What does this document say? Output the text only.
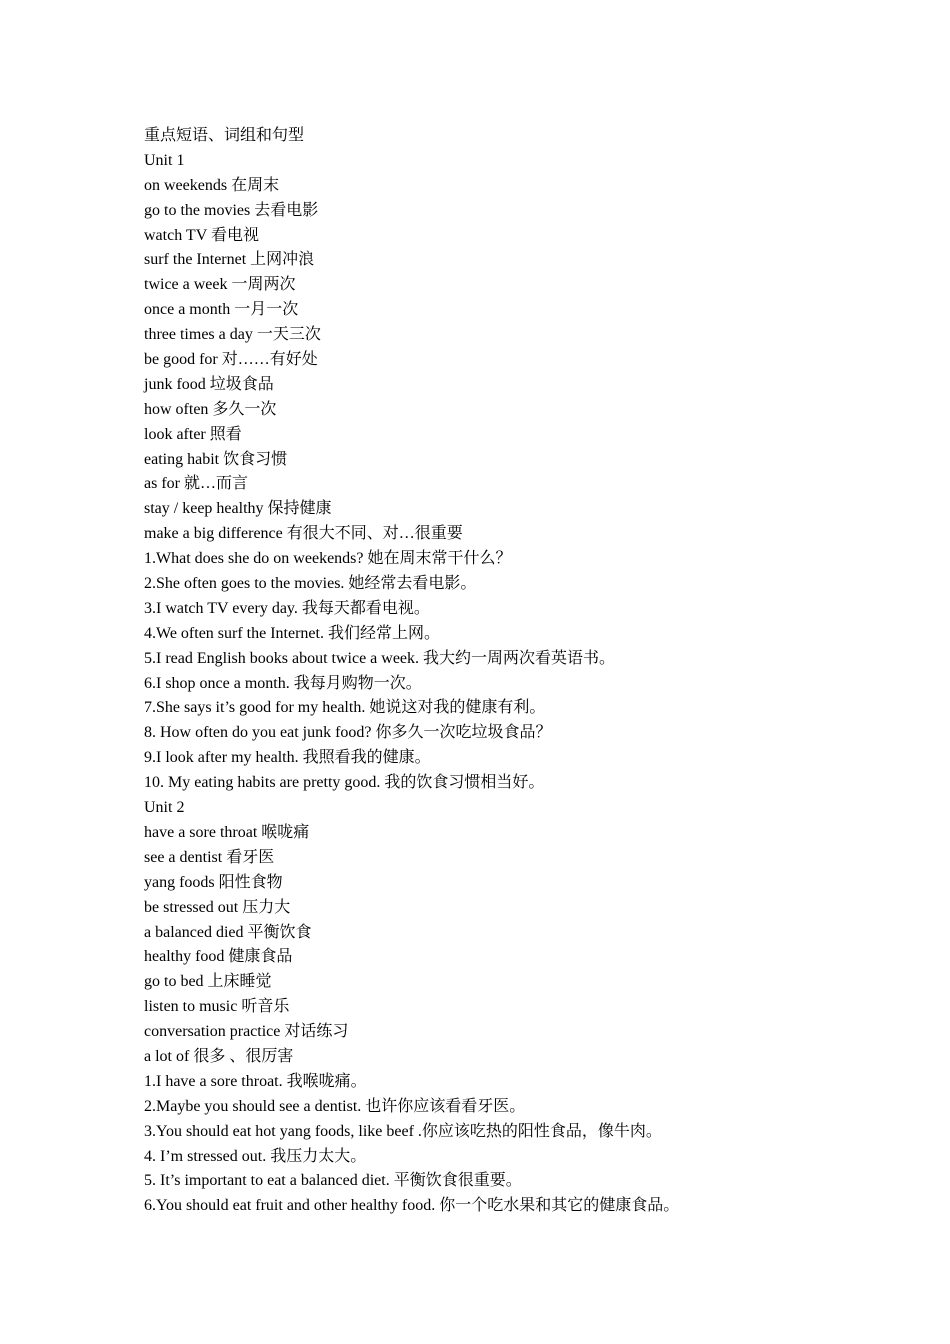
重点短语、词组和句型
Unit 1
on weekends 在周末
go to the movies 去看电影
watch TV 看电视
surf the Internet 上网冲浪
twice a week 一周两次
once a month 一月一次
three times a day 一天三次
be good for 对……有好处
junk food 垃圾食品
how often 多久一次
look after 照看
eating habit 饮食习惯
as for 就…而言
stay / keep healthy 保持健康
make a big difference 有很大不同、对…很重要
1.What does she do on weekends? 她在周末常干什么？
2.She often goes to the movies. 她经常去看电影。
3.I watch TV every day. 我每天都看电视。
4.We often surf the Internet. 我们经常上网。
5.I read English books about twice a week. 我大约一周两次看英语书。
6.I shop once a month. 我每月购物一次。
7.She says it’s good for my health. 她说这对我的健康有利。
8. How often do you eat junk food? 你多久一次吃垃圾食品？
9.I look after my health. 我照看我的健康。
10. My eating habits are pretty good. 我的饮食习惯相当好。
Unit 2
have a sore throat 喉咙痛
see a dentist 看牙医
yang foods 阳性食物
be stressed out 压力大
a balanced died 平衡饮食
healthy food 健康食品
go to bed 上床睡觉
listen to music 听音乐
conversation practice 对话练习
a lot of 很多 、很厉害
1.I have a sore throat. 我喉咙痛。
2.Maybe you should see a dentist. 也许你应该看看牙医。
3.You should eat hot yang foods, like beef .你应该吃热的阳性食品，像牛肉。
4. I’m stressed out. 我压力太大。
5. It’s important to eat a balanced diet. 平衡饮食很重要。
6.You should eat fruit and other healthy food. 你一个吃水果和其它的健康食品。
